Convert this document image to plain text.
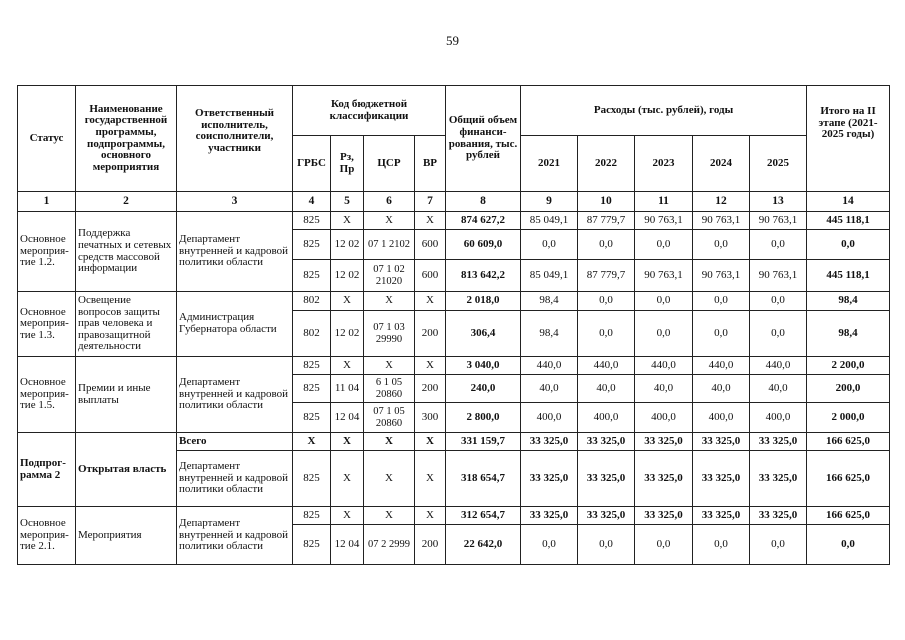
59
Статус	Наименование государственной программы, подпрограммы, основного мероприятия	Ответственный исполнитель, соисполнители, участники	Код бюджетной классификации				Общий объем финанси-рования, тыс. рублей	Расходы (тыс. рублей), годы					Итого на II этапе (2021-2025 годы)
			ГРБС	Рз, Пр	ЦСР	ВР		2021	2022	2023	2024	2025	
1	2	3	4	5	6	7	8	9	10	11	12	13	14
Основное мероприя-тие 1.2.	Поддержка печатных и сетевых средств массовой информации	Департамент внутренней и кадровой политики области	825	Х	Х	Х	874 627,2	85 049,1	87 779,7	90 763,1	90 763,1	90 763,1	445 118,1
			825	12 02	07 1 2102	600	60 609,0	0,0	0,0	0,0	0,0	0,0	0,0
			825	12 02	07 1 02 21020	600	813 642,2	85 049,1	87 779,7	90 763,1	90 763,1	90 763,1	445 118,1
Основное мероприя-тие 1.3.	Освещение вопросов защиты прав человека и правозащитной деятельности	Администрация Губернатора области	802	Х	Х	Х	2 018,0	98,4	0,0	0,0	0,0	0,0	98,4
			802	12 02	07 1 03 29990	200	306,4	98,4	0,0	0,0	0,0	0,0	98,4
Основное мероприя-тие 1.5.	Премии и иные выплаты	Департамент внутренней и кадровой политики области	825	Х	Х	Х	3 040,0	440,0	440,0	440,0	440,0	440,0	2 200,0
			825	11 04	6 1 05 20860	200	240,0	40,0	40,0	40,0	40,0	40,0	200,0
			825	12 04	07 1 05 20860	300	2 800,0	400,0	400,0	400,0	400,0	400,0	2 000,0
Подпрог-рамма 2	Открытая власть	Всего	Х	Х	Х	Х	331 159,7	33 325,0	33 325,0	33 325,0	33 325,0	33 325,0	166 625,0
		Департамент внутренней и кадровой политики области	825	Х	Х	Х	318 654,7	33 325,0	33 325,0	33 325,0	33 325,0	33 325,0	166 625,0
Основное мероприя-тие 2.1.	Мероприятия	Департамент внутренней и кадровой политики области	825	Х	Х	Х	312 654,7	33 325,0	33 325,0	33 325,0	33 325,0	33 325,0	166 625,0
			825	12 04	07 2 2999	200	22 642,0	0,0	0,0	0,0	0,0	0,0	0,0
